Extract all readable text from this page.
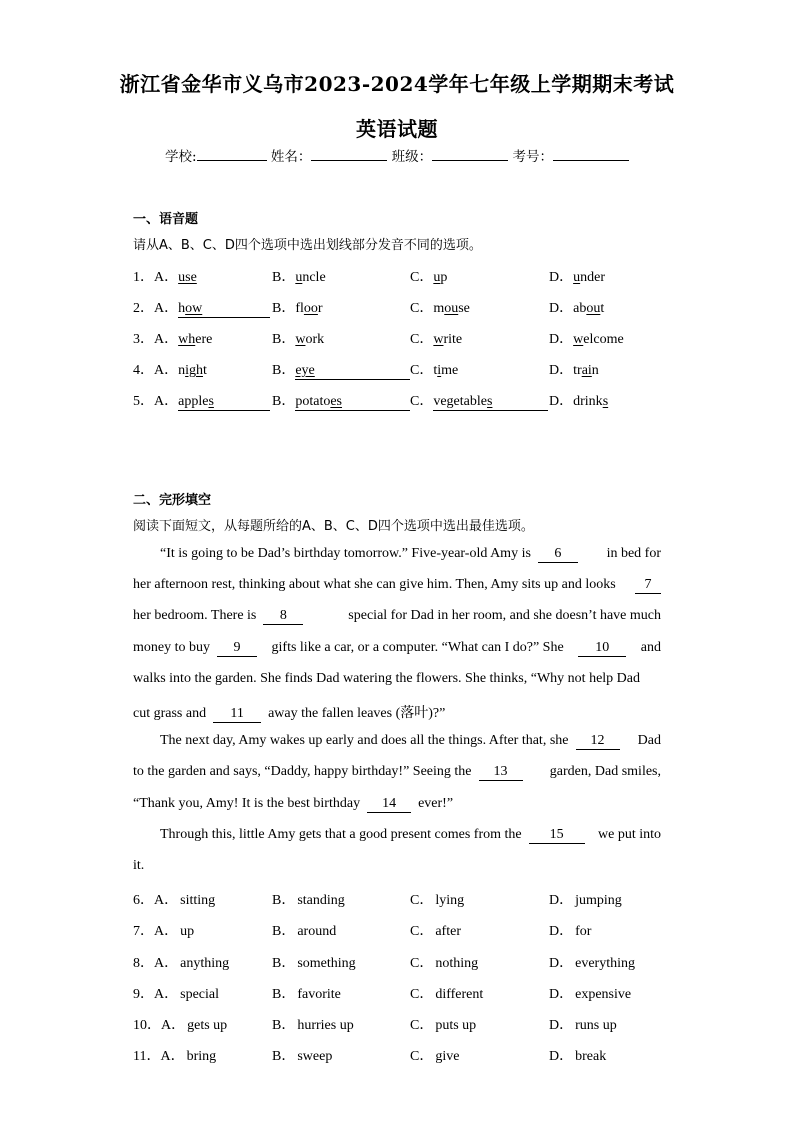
浙江省金华市义乌市2023-2024学年七年级上学期期末考试
英语试题
学校:	姓名：	班级：	考号：
一、语音题
请从A、B、C、D四个选项中选出划线部分发音不同的选项。
1．A．use	B．uncle	C．up	D．under
2．A．how	B．floor	C．mouse	D．about
3．A．where	B．work	C．write	D．welcome
4．A．night	B．eye	C．time	D．train
5．A．apples	B．potatoes	C．vegetables	D．drinks
二、完形填空
阅读下面短文，从每题所给的A、B、C、D四个选项中选出最佳选项。
“It is going to be Dad’s birthday tomorrow.” Five-year-old Amy is 6	in bed for
her afternoon rest, thinking about what she can give him. Then, Amy sits up and looks	7
her bedroom. There is 8	special for Dad in her room, and she doesn’t have much
money to buy 9	gifts like a car, or a computer. “What can I do?” She	10	and
walks into the garden. She finds Dad watering the flowers. She thinks, “Why not help Dad
cut grass and 11 away the fallen leaves (落叶)?”
The next day, Amy wakes up early and does all the things. After that, she 12	Dad
to the garden and says, “Daddy, happy birthday!” Seeing the 13	garden, Dad smiles,
“Thank you, Amy! It is the best birthday 14 ever!”
Through this, little Amy gets that a good present comes from the 15	we put into
it.
6．A． sitting	B． standing	C． lying	D． jumping
7．A． up	B． around	C． after	D． for
8．A． anything	B． something	C． nothing	D． everything
9．A． special	B． favorite	C． different	D． expensive
10．A． gets up	B． hurries up	C． puts up	D． runs up
11．A． bring	B． sweep	C． give	D． break
